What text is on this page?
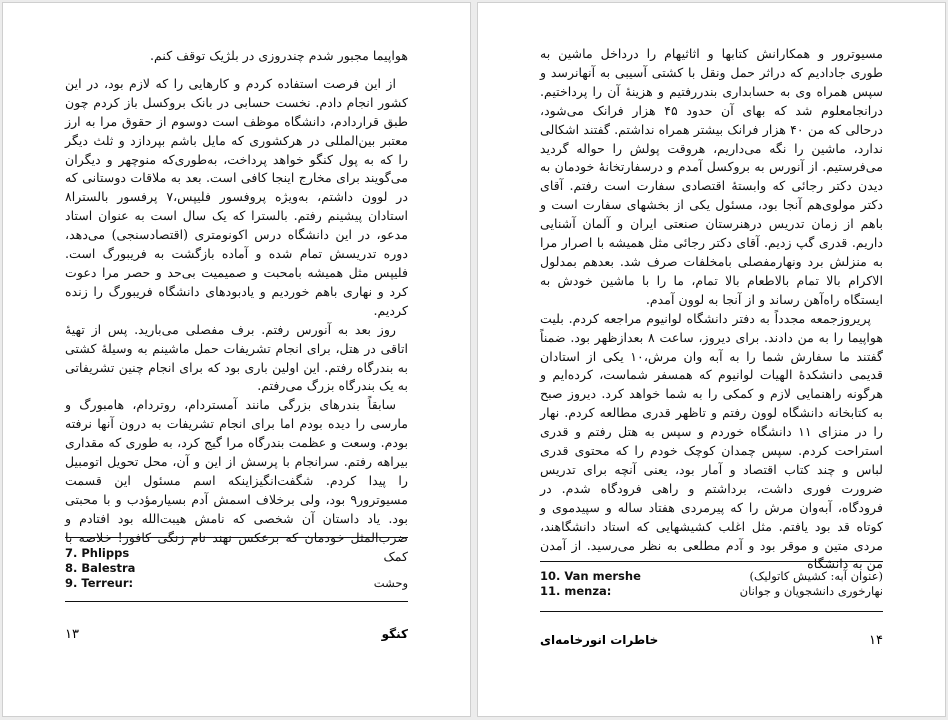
هواپیما مجبور شدم چندروزی در بلژیک توقف کنم.

از این فرصت استفاده کردم و کارهایی را که لازم بود، در این کشور انجام دادم. نخست حسابی در بانک بروکسل باز کردم چون طبق قراردادم، دانشگاه موظف است دوسوم از حقوق مرا به ارز معتبر بین‌المللی در هرکشوری که مایل باشم بپردازد و ثلث دیگر را که به پول کنگو خواهد پرداخت، به‌طوری‌که منوچهر و دیگران می‌گویند برای مخارج اینجا کافی است. بعد به ملاقات دوستانی که در لوون داشتم، به‌ویژه پروفسور فلیپس،۷ پرفسور بالسترا۸ استادان پیشینم رفتم. بالسترا که یک سال است به عنوان استاد مدعو، در این دانشگاه درس اکونومتری (اقتصادسنجی) می‌دهد، دوره تدریسش تمام شده و آماده بازگشت به فریبورگ است. فلیپس مثل همیشه بامحبت و صمیمیت بی‌حد و حصر مرا دعوت کرد و نهاری باهم خوردیم و یادبودهای دانشگاه فریبورگ را زنده کردیم.

روز بعد به آنورس رفتم. برف مفصلی می‌بارید. پس از تهیهٔ اتاقی در هتل، برای انجام تشریفات حمل ماشینم به وسیلهٔ کشتی به بندرگاه رفتم. این اولین باری بود که برای انجام چنین تشریفاتی به یک بندرگاه بزرگ می‌رفتم.

سابقاً بندرهای بزرگی مانند آمستردام، روتردام، هامبورگ و مارسی را دیده بودم اما برای انجام تشریفات به درون آنها نرفته بودم. وسعت و عظمت بندرگاه مرا گیج کرد، به طوری که مقداری بیراهه رفتم. سرانجام با پرسش از این و آن، محل تحویل اتومبیل را پیدا کردم. شگفت‌انگیزاینکه اسم مسئول این قسمت مسیوترور۹ بود، ولی برخلاف اسمش آدم بسیارمؤدب و با محبتی بود. یاد داستان آن شخصی که نامش هیبت‌الله بود افتادم و ضرب‌المثل خودمان که برعکس نهند نام زنگی کافور! خلاصه با کمک

7. Phlipps
8. Balestra
9. Terreur:	وحشت
کنگو
۱۳

مسیوترور و همکارانش کتابها و اثاثیهام را درداخل ماشین به طوری جادادیم که دراثر حمل ونقل با کشتی آسیبی به آنهانرسد و سپس همراه وی به حسابداری بندررفتیم و هزینهٔ آن را پرداختیم. درانجامعلوم شد که بهای آن حدود ۴۵ هزار فرانک می‌شود، درحالی که من ۴۰ هزار فرانک بیشتر همراه نداشتم. گفتند اشکالی ندارد، ماشین را نگه می‌داریم، هروقت پولش را حواله گردید می‌فرستیم. از آنورس به بروکسل آمدم و درسفارتخانهٔ خودمان به دیدن دکتر رجائی که وابستهٔ اقتصادی سفارت است رفتم. آقای دکتر مولوی‌هم آنجا بود، مسئول یکی از بخشهای سفارت است و باهم از زمان تدریس درهنرستان صنعتی ایران و آلمان آشنایی داریم. قدری گپ زدیم. آقای دکتر رجائی مثل همیشه با اصرار مرا به منزلش برد ونهارمفصلی بامخلفات صرف شد. بعدهم بمدلول الاکرام بالا تمام بالاطعام بالا تمام، ما را با ماشین خودش به ایستگاه راه‌آهن رساند و از آنجا به لوون آمدم.

پریروزجمعه مجدداً به دفتر دانشگاه لوانیوم مراجعه کردم. بلیت هواپیما را به من دادند. برای دیروز، ساعت ۸ بعدازظهر بود. ضمناً گفتند ما سفارش شما را به آبه وان مرش،۱۰ یکی از استادان قدیمی دانشکدهٔ الهیات لوانیوم که همسفر شماست، کرده‌ایم و هرگونه راهنمایی لازم و کمکی را به شما خواهد کرد. دیروز صبح به کتابخانه دانشگاه لوون رفتم و تاظهر قدری مطالعه کردم. نهار را در منزای ۱۱ دانشگاه خوردم و سپس به هتل رفتم و قدری استراحت کردم. سپس چمدان کوچک خودم را که محتوی قدری لباس و چند کتاب اقتصاد و آمار بود، یعنی آنچه برای تدریس ضرورت فوری داشت، برداشتم و راهی فرودگاه شدم. در فرودگاه، آبه‌وان مرش را که پیرمردی هفتاد ساله و سپیدموی و کوتاه قد بود یافتم. مثل اغلب کشیشهایی که استاد دانشگاهند، مردی متین و موقر بود و آدم مطلعی به نظر می‌رسید. از آمدن من به دانشگاه

10. Van mershe	(عنوان آبه: کشیش کاتولیک)
11. menza:	نهارخوری دانشجویان و جوانان
۱۴
خاطرات انورخامه‌ای
